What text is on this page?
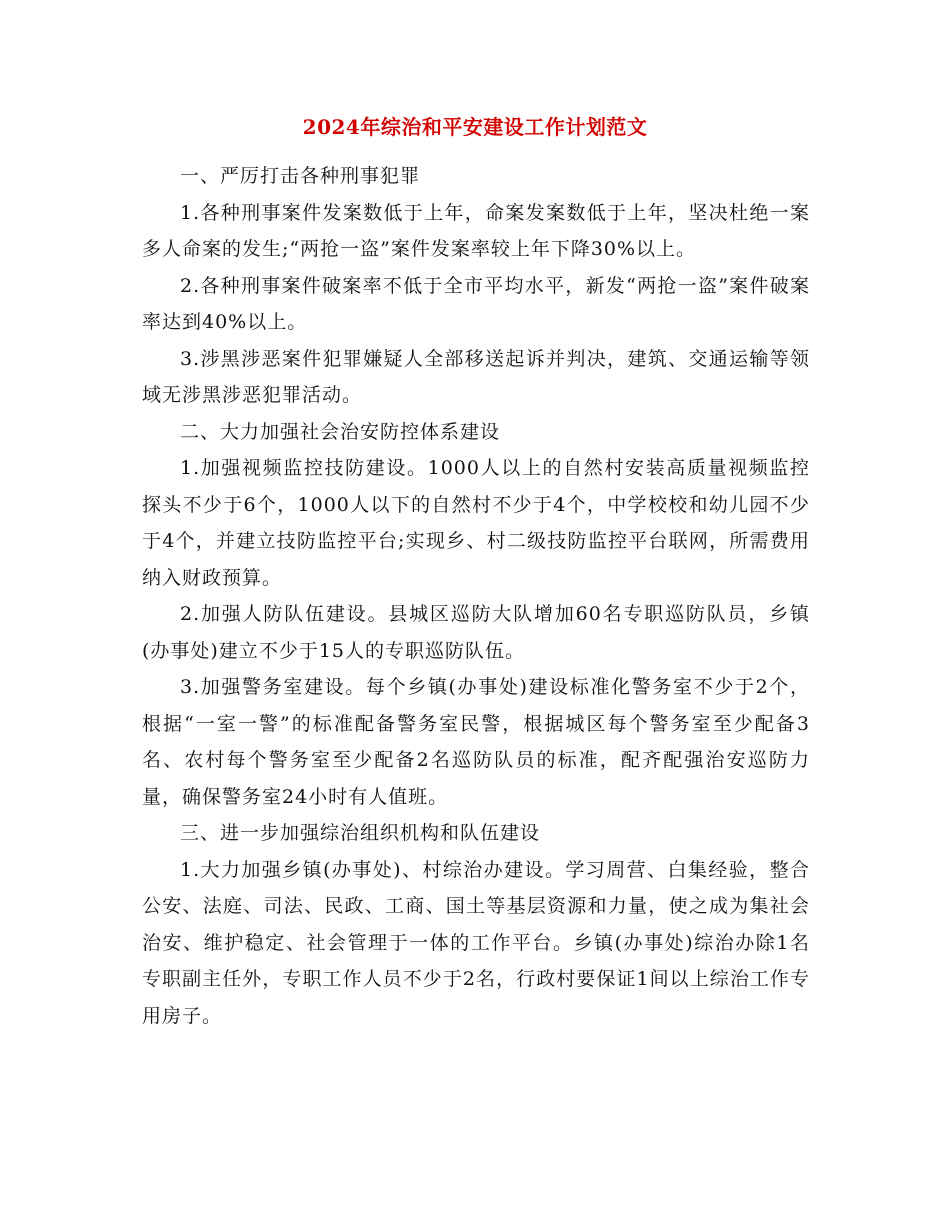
2024年综治和平安建设工作计划范文

一、严厉打击各种刑事犯罪

1.各种刑事案件发案数低于上年，命案发案数低于上年，坚决杜绝一案多人命案的发生;“两抢一盗”案件发案率较上年下降30%以上。

2.各种刑事案件破案率不低于全市平均水平，新发“两抢一盗”案件破案率达到40%以上。

3.涉黑涉恶案件犯罪嫌疑人全部移送起诉并判决，建筑、交通运输等领域无涉黑涉恶犯罪活动。

二、大力加强社会治安防控体系建设

1.加强视频监控技防建设。1000人以上的自然村安装高质量视频监控探头不少于6个，1000人以下的自然村不少于4个，中学校校和幼儿园不少于4个，并建立技防监控平台;实现乡、村二级技防监控平台联网，所需费用纳入财政预算。

2.加强人防队伍建设。县城区巡防大队增加60名专职巡防队员，乡镇(办事处)建立不少于15人的专职巡防队伍。

3.加强警务室建设。每个乡镇(办事处)建设标准化警务室不少于2个，根据“一室一警”的标准配备警务室民警，根据城区每个警务室至少配备3名、农村每个警务室至少配备2名巡防队员的标准，配齐配强治安巡防力量，确保警务室24小时有人值班。

三、进一步加强综治组织机构和队伍建设

1.大力加强乡镇(办事处)、村综治办建设。学习周营、白集经验，整合公安、法庭、司法、民政、工商、国土等基层资源和力量，使之成为集社会治安、维护稳定、社会管理于一体的工作平台。乡镇(办事处)综治办除1名专职副主任外，专职工作人员不少于2名，行政村要保证1间以上综治工作专用房子。
